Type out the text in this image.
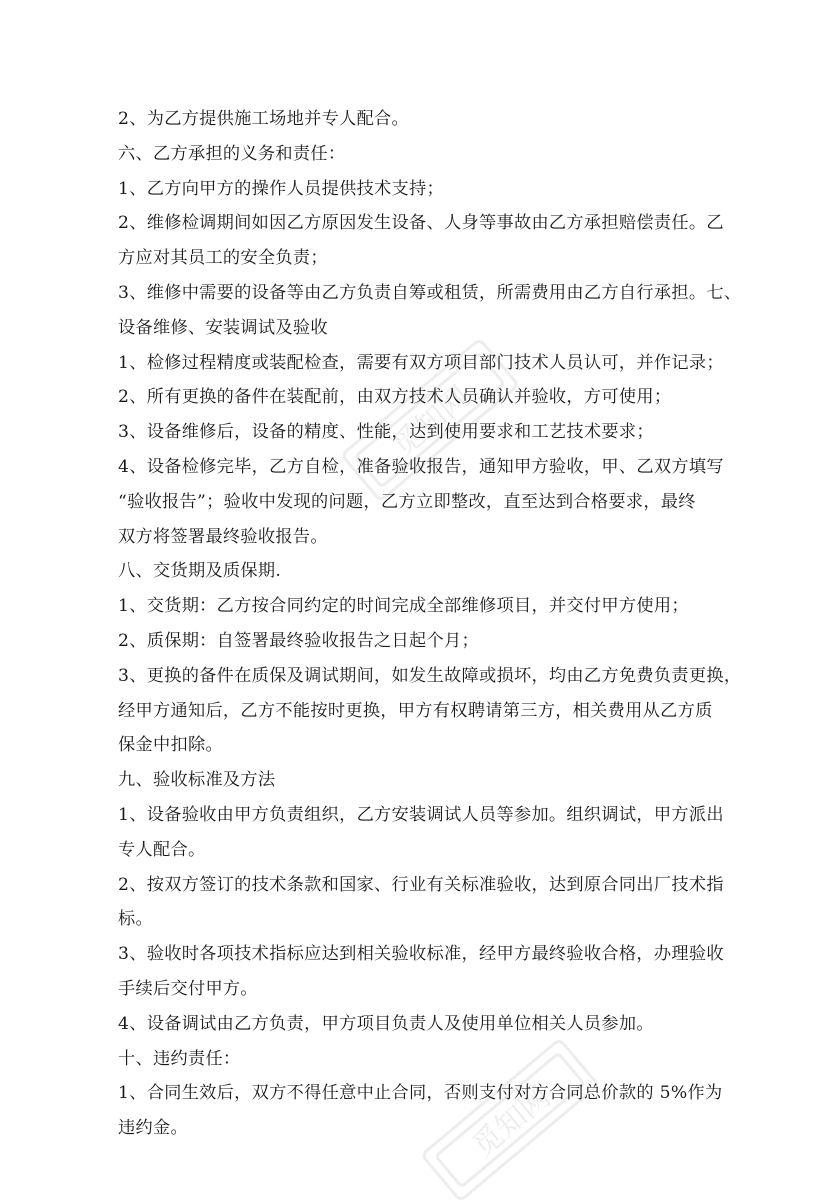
觅知网
觅知网
2、为乙方提供施工场地并专人配合。
六、乙方承担的义务和责任：
1、乙方向甲方的操作人员提供技术支持；
2、维修检调期间如因乙方原因发生设备、人身等事故由乙方承担赔偿责任。乙
方应对其员工的安全负责；
3、维修中需要的设备等由乙方负责自筹或租赁，所需费用由乙方自行承担。七、
设备维修、安装调试及验收
1、检修过程精度或装配检查，需要有双方项目部门技术人员认可，并作记录；
2、所有更换的备件在装配前，由双方技术人员确认并验收，方可使用；
3、设备维修后，设备的精度、性能，达到使用要求和工艺技术要求；
4、设备检修完毕，乙方自检，准备验收报告，通知甲方验收，甲、乙双方填写
“验收报告”；验收中发现的问题，乙方立即整改，直至达到合格要求，最终
双方将签署最终验收报告。
八、交货期及质保期.
1、交货期：乙方按合同约定的时间完成全部维修项目，并交付甲方使用；
2、质保期：自签署最终验收报告之日起个月；
3、更换的备件在质保及调试期间，如发生故障或损坏，均由乙方免费负责更换，
经甲方通知后，乙方不能按时更换，甲方有权聘请第三方，相关费用从乙方质
保金中扣除。
九、验收标准及方法
1、设备验收由甲方负责组织，乙方安装调试人员等参加。组织调试，甲方派出
专人配合。
2、按双方签订的技术条款和国家、行业有关标准验收，达到原合同出厂技术指
标。
3、验收时各项技术指标应达到相关验收标准，经甲方最终验收合格，办理验收
手续后交付甲方。
4、设备调试由乙方负责，甲方项目负责人及使用单位相关人员参加。
十、违约责任：
1、合同生效后，双方不得任意中止合同，否则支付对方合同总价款的 5%作为
违约金。
